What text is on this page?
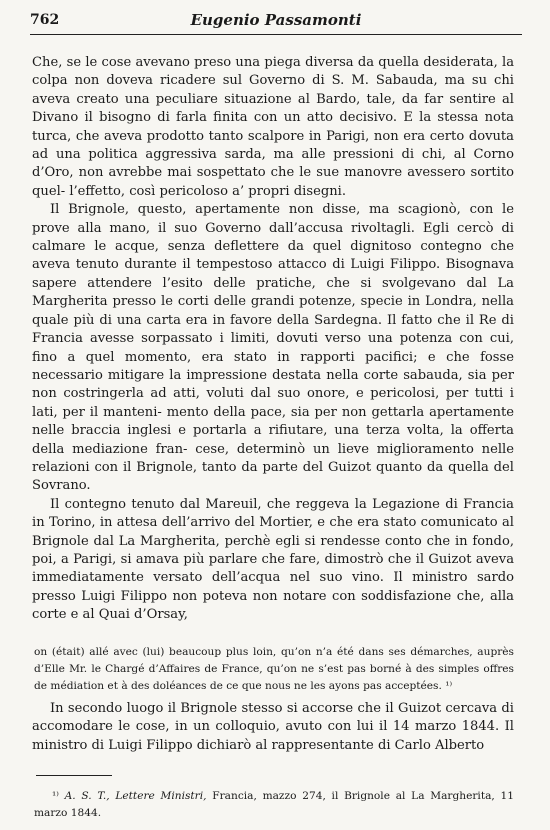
762	Eugenio Passamonti

Che, se le cose avevano preso una piega diversa da quella desiderata, la colpa non doveva ricadere sul Governo di S. M. Sabauda, ma su chi aveva creato una peculiare situazione al Bardo, tale, da far sentire al Divano il bisogno di farla finita con un atto decisivo. E la stessa nota turca, che aveva prodotto tanto scalpore in Parigi, non era certo dovuta ad una politica aggressiva sarda, ma alle pressioni di chi, al Corno d’Oro, non avrebbe mai sospettato che le sue manovre avessero sortito quel- l’effetto, così pericoloso a’ propri disegni.

Il Brignole, questo, apertamente non disse, ma scagionò, con le prove alla mano, il suo Governo dall’accusa rivoltagli. Egli cercò di calmare le acque, senza deflettere da quel dignitoso contegno che aveva tenuto durante il tempestoso attacco di Luigi Filippo. Bisognava sapere attendere l’esito delle pratiche, che si svolgevano dal La Margherita presso le corti delle grandi potenze, specie in Londra, nella quale più di una carta era in favore della Sardegna. Il fatto che il Re di Francia avesse sorpassato i limiti, dovuti verso una potenza con cui, fino a quel momento, era stato in rapporti pacifici; e che fosse necessario mitigare la impressione destata nella corte sabauda, sia per non costringerla ad atti, voluti dal suo onore, e pericolosi, per tutti i lati, per il manteni- mento della pace, sia per non gettarla apertamente nelle braccia inglesi e portarla a rifiutare, una terza volta, la offerta della mediazione fran- cese, determinò un lieve miglioramento nelle relazioni con il Brignole, tanto da parte del Guizot quanto da quella del Sovrano.

Il contegno tenuto dal Mareuil, che reggeva la Legazione di Francia in Torino, in attesa dell’arrivo del Mortier, e che era stato comunicato al Brignole dal La Margherita, perchè egli si rendesse conto che in fondo, poi, a Parigi, si amava più parlare che fare, dimostrò che il Guizot aveva immediatamente versato dell’acqua nel suo vino. Il ministro sardo presso Luigi Filippo non poteva non notare con soddisfazione che, alla corte e al Quai d’Orsay,

on (était) allé avec (lui) beaucoup plus loin, qu’on n’a été dans ses démarches, auprès d’Elle Mr. le Chargé d’Affaires de France, qu’on ne s’est pas borné à des simples offres de médiation et à des doléances de ce que nous ne les ayons pas acceptées. ¹⁾

In secondo luogo il Brignole stesso si accorse che il Guizot cercava di accomodare le cose, in un colloquio, avuto con lui il 14 marzo 1844. Il ministro di Luigi Filippo dichiarò al rappresentante di Carlo Alberto

¹⁾ A. S. T., Lettere Ministri, Francia, mazzo 274, il Brignole al La Margherita, 11 marzo 1844.
